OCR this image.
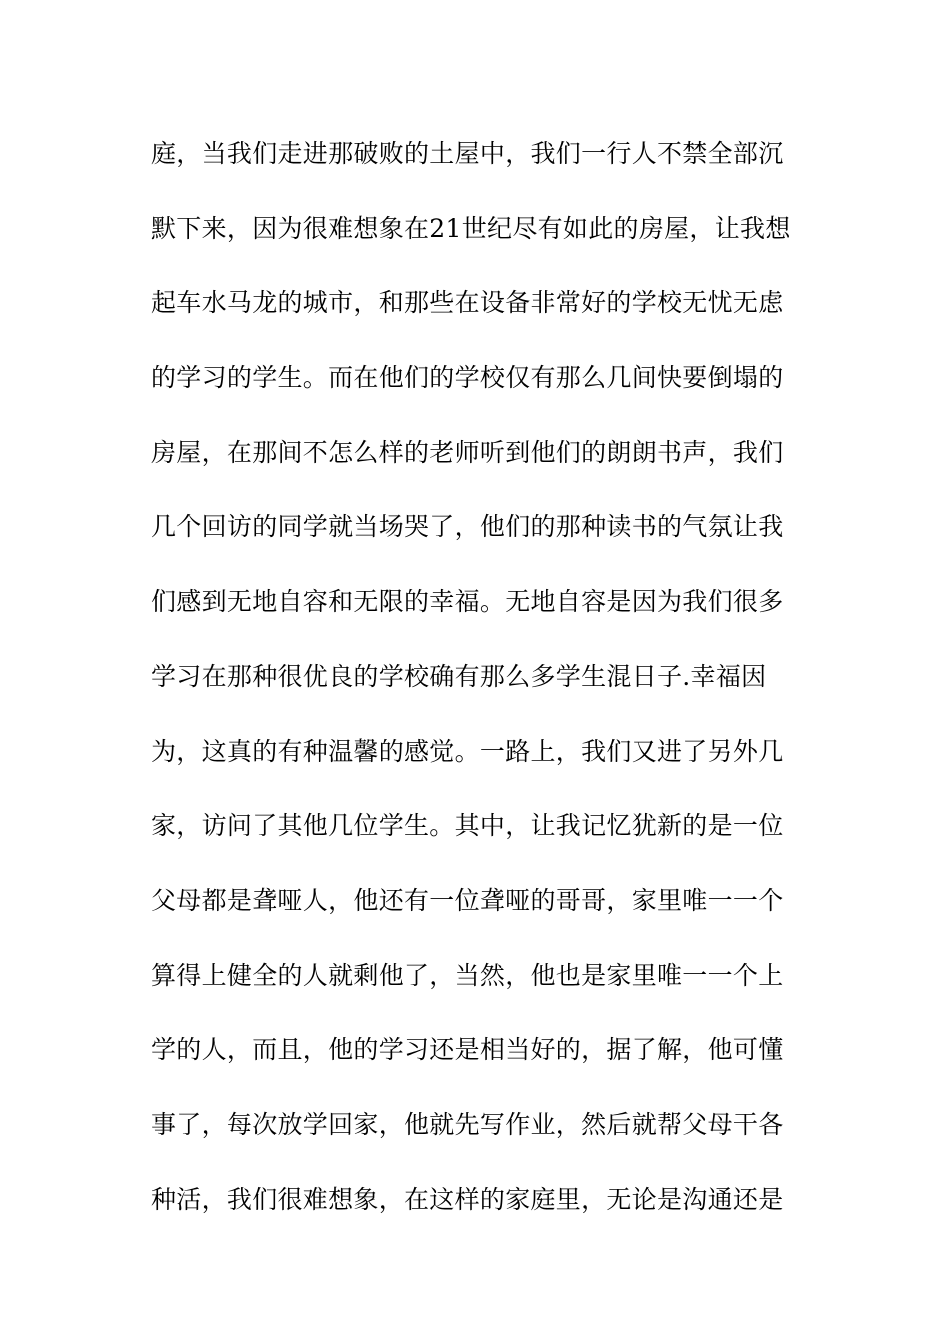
庭，当我们走进那破败的土屋中，我们一行人不禁全部沉
默下来，因为很难想象在21世纪尽有如此的房屋，让我想
起车水马龙的城市，和那些在设备非常好的学校无忧无虑
的学习的学生。而在他们的学校仅有那么几间快要倒塌的
房屋，在那间不怎么样的老师听到他们的朗朗书声，我们
几个回访的同学就当场哭了，他们的那种读书的气氛让我
们感到无地自容和无限的幸福。无地自容是因为我们很多
学习在那种很优良的学校确有那么多学生混日子.幸福因
为，这真的有种温馨的感觉。一路上，我们又进了另外几
家，访问了其他几位学生。其中，让我记忆犹新的是一位
父母都是聋哑人，他还有一位聋哑的哥哥，家里唯一一个
算得上健全的人就剩他了，当然，他也是家里唯一一个上
学的人，而且，他的学习还是相当好的，据了解，他可懂
事了，每次放学回家，他就先写作业，然后就帮父母干各
种活，我们很难想象，在这样的家庭里，无论是沟通还是
